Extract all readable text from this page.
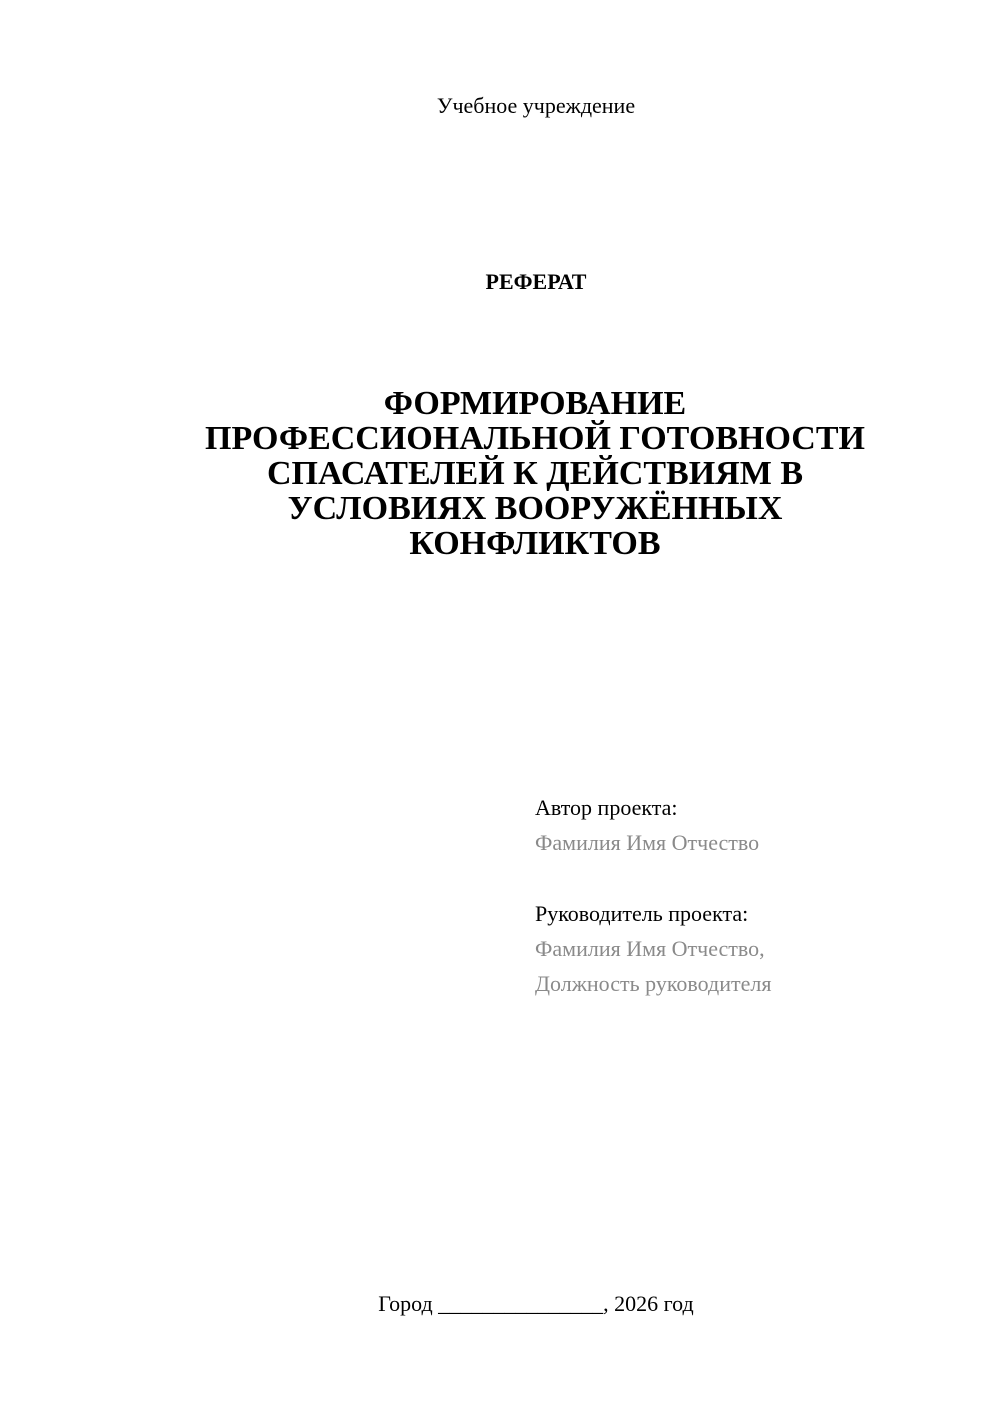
Учебное учреждение
РЕФЕРАТ
ФОРМИРОВАНИЕ
ПРОФЕССИОНАЛЬНОЙ ГОТОВНОСТИ
СПАСАТЕЛЕЙ К ДЕЙСТВИЯМ В
УСЛОВИЯХ ВООРУЖЁННЫХ
КОНФЛИКТОВ
Автор проекта:
Фамилия Имя Отчество
Руководитель проекта:
Фамилия Имя Отчество,
Должность руководителя
Город _______________, 2026 год
